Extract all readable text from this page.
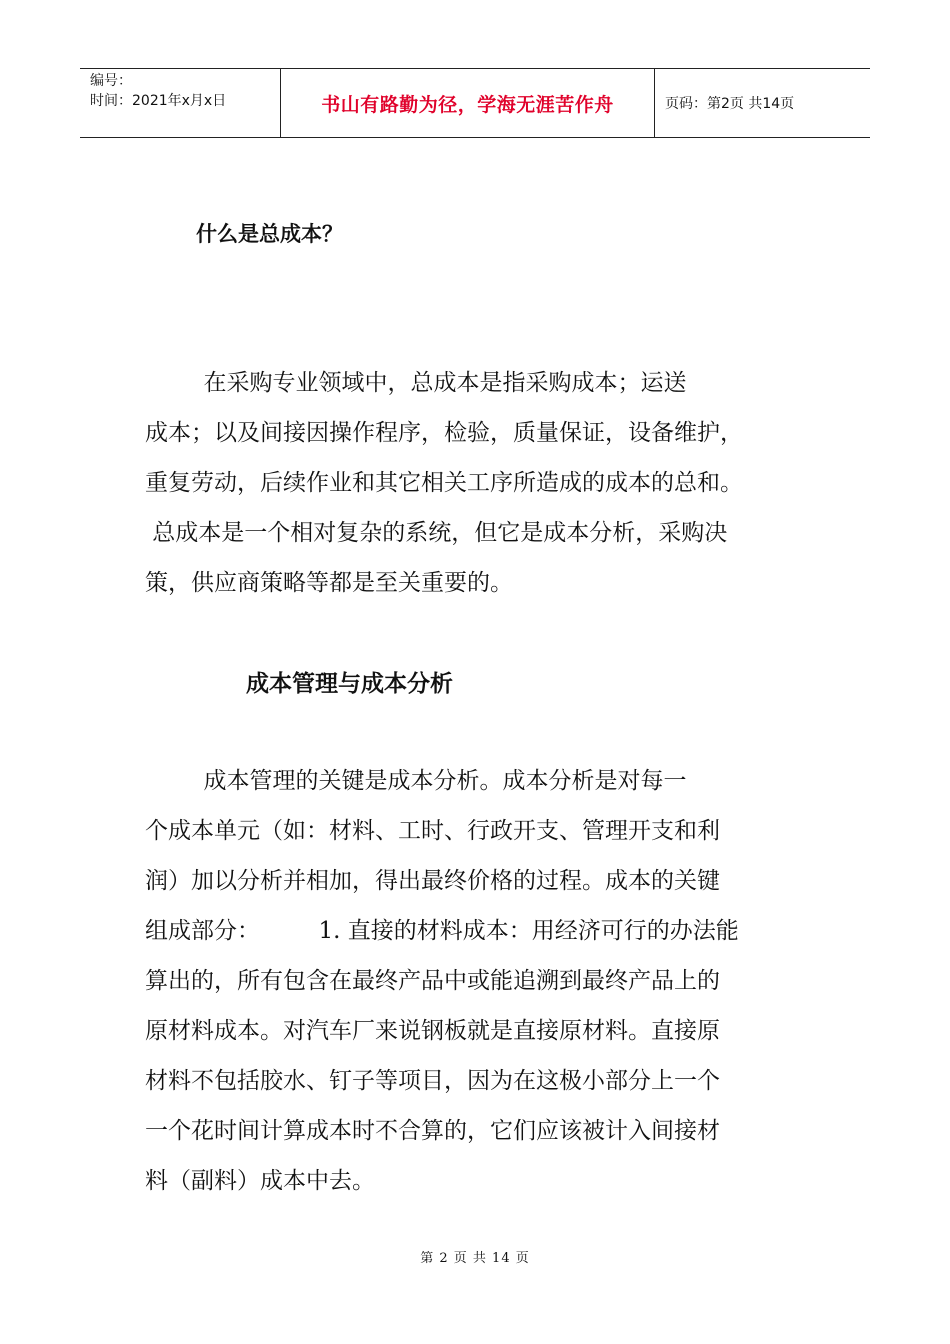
编号：
时间：2021年x月x日	书山有路勤为径，学海无涯苦作舟	页码：第2页 共14页
什么是总成本？
在采购专业领域中，总成本是指采购成本；运送
成本；以及间接因操作程序，检验，质量保证，设备维护，
重复劳动，后续作业和其它相关工序所造成的成本的总和。
总成本是一个相对复杂的系统，但它是成本分析，采购决
策，供应商策略等都是至关重要的。
成本管理与成本分析
成本管理的关键是成本分析。成本分析是对每一
个成本单元（如：材料、工时、行政开支、管理开支和利
润）加以分析并相加，得出最终价格的过程。成本的关键
组成部分：        1. 直接的材料成本：用经济可行的办法能
算出的，所有包含在最终产品中或能追溯到最终产品上的
原材料成本。对汽车厂来说钢板就是直接原材料。直接原
材料不包括胶水、钉子等项目，因为在这极小部分上一个
一个花时间计算成本时不合算的，它们应该被计入间接材
料（副料）成本中去。
第 2 页 共 14 页
